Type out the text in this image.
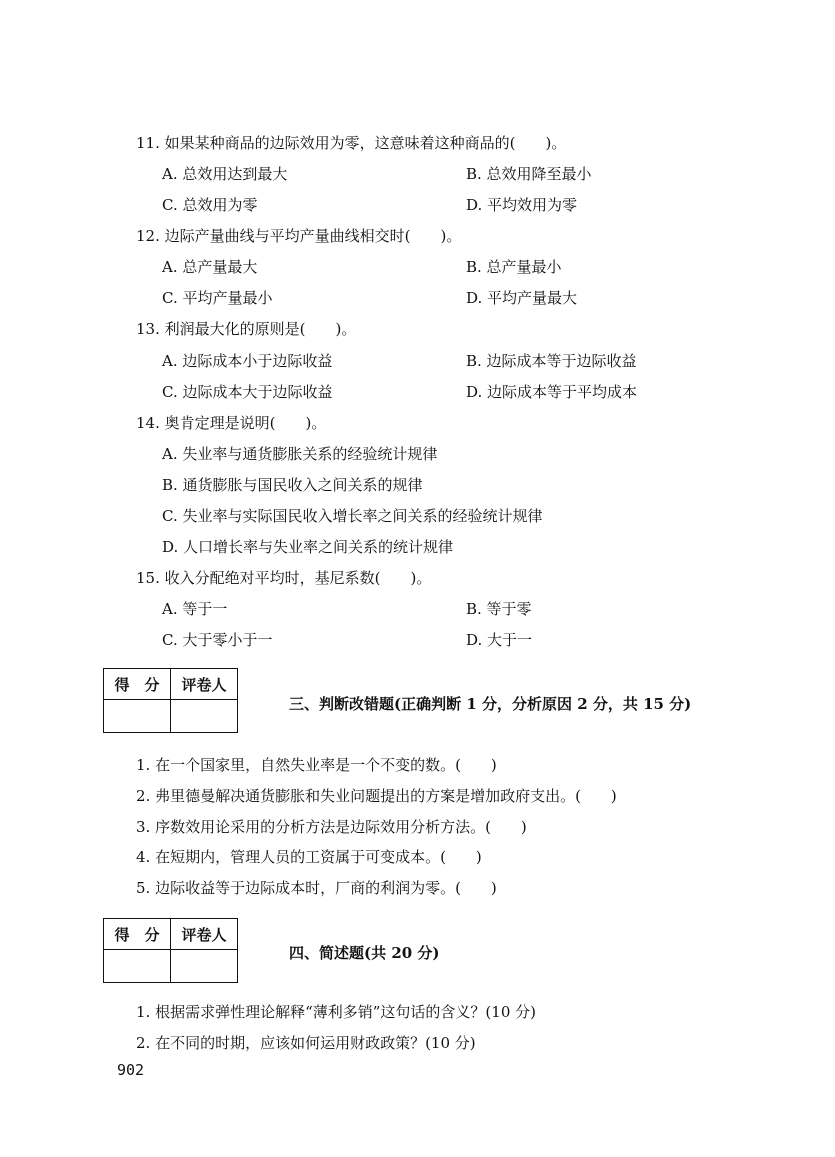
11. 如果某种商品的边际效用为零，这意味着这种商品的(　　)。
A. 总效用达到最大	B. 总效用降至最小
C. 总效用为零	D. 平均效用为零
12. 边际产量曲线与平均产量曲线相交时(　　)。
A. 总产量最大	B. 总产量最小
C. 平均产量最小	D. 平均产量最大
13. 利润最大化的原则是(　　)。
A. 边际成本小于边际收益	B. 边际成本等于边际收益
C. 边际成本大于边际收益	D. 边际成本等于平均成本
14. 奥肯定理是说明(　　)。
A. 失业率与通货膨胀关系的经验统计规律
B. 通货膨胀与国民收入之间关系的规律
C. 失业率与实际国民收入增长率之间关系的经验统计规律
D. 人口增长率与失业率之间关系的统计规律
15. 收入分配绝对平均时，基尼系数(　　)。
A. 等于一	B. 等于零
C. 大于零小于一	D. 大于一
得　分	评卷人

三、判断改错题(正确判断 1 分，分析原因 2 分，共 15 分)
1. 在一个国家里，自然失业率是一个不变的数。(　　)
2. 弗里德曼解决通货膨胀和失业问题提出的方案是增加政府支出。(　　)
3. 序数效用论采用的分析方法是边际效用分析方法。(　　)
4. 在短期内，管理人员的工资属于可变成本。(　　)
5. 边际收益等于边际成本时，厂商的利润为零。(　　)
得　分	评卷人

四、简述题(共 20 分)
1. 根据需求弹性理论解释“薄利多销”这句话的含义？(10 分)
2. 在不同的时期，应该如何运用财政政策？(10 分)
902
